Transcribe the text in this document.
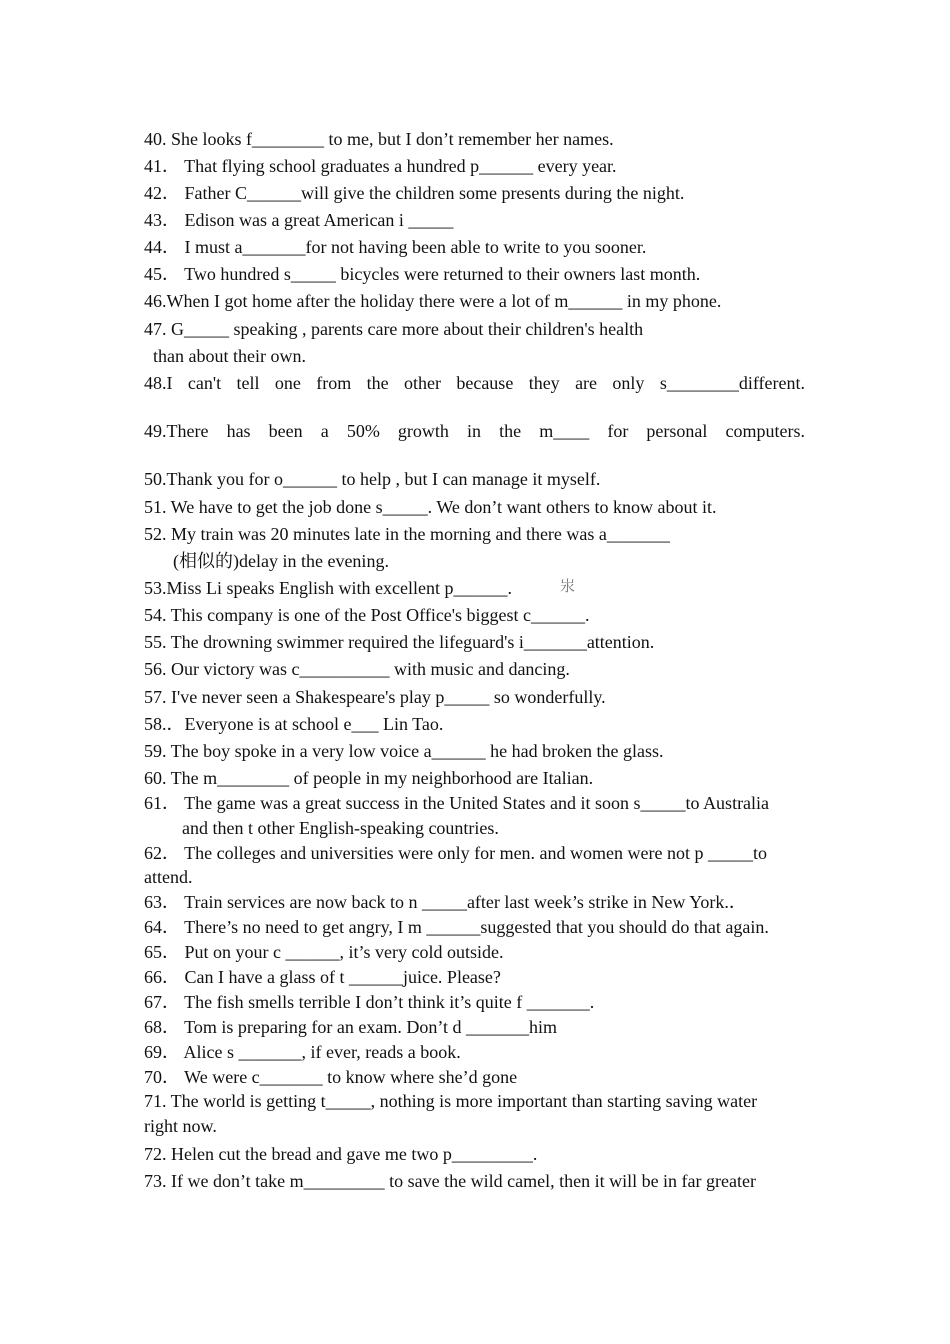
40. She looks f________ to me, but I don’t remember her names.
41． That flying school graduates a hundred p______ every year.
42． Father C______will give the children some presents during the night.
43． Edison was a great American i _____
44． I must a_______for not having been able to write to you sooner.
45． Two hundred s_____ bicycles were returned to their owners last month.
46.When I got home after the holiday there were a lot of m______ in my phone.
47. G_____ speaking , parents care more about their children's health
than about their own.
48.I can't tell one from the other because they are only s________different.
49.There has been a 50% growth in the m____ for personal computers.
50.Thank you for o______ to help , but I can manage it myself.
51. We have to get the job done s_____. We don’t want others to know about it.
52. My train was 20 minutes late in the morning and there was a_______
(相似的)delay in the evening.
53.Miss Li speaks English with excellent p______.	汖
54. This company is one of the Post Office's biggest c______.
55. The drowning swimmer required the lifeguard's i_______attention.
56. Our victory was c__________ with music and dancing.
57. I've never seen a Shakespeare's play p_____ so wonderfully.
58.．Everyone is at school e___ Lin Tao.
59. The boy spoke in a very low voice a______ he had broken the glass.
60. The m________ of people in my neighborhood are Italian.
61． The game was a great success in the United States and it soon s_____to Australia
and then t other English-speaking countries.
62． The colleges and universities were only for men. and women were not p _____to
attend.
63． Train services are now back to n _____after last week’s strike in New York.．
64． There’s no need to get angry, I m ______suggested that you should do that again.
65． Put on your c ______, it’s very cold outside.
66． Can I have a glass of t ______juice. Please?
67． The fish smells terrible I don’t think it’s quite f _______.
68． Tom is preparing for an exam. Don’t d _______him
69． Alice s _______, if ever, reads a book.
70． We were c_______ to know where she’d gone
71. The world is getting t_____, nothing is more important than starting saving water
right now.
72. Helen cut the bread and gave me two p_________.
73. If we don’t take m_________ to save the wild camel, then it will be in far greater
